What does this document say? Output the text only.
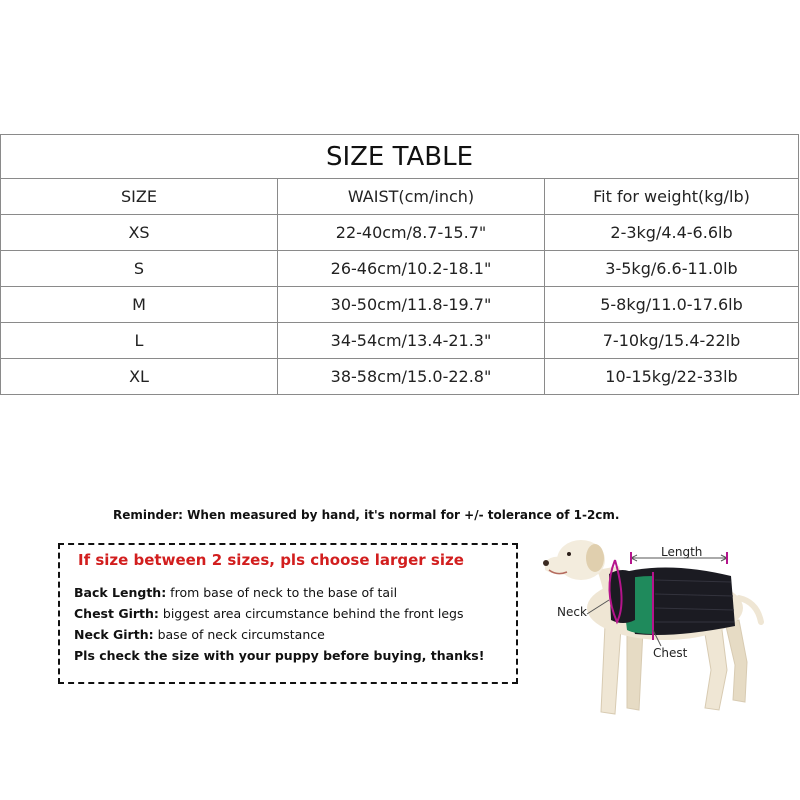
SIZE TABLE		
SIZE	WAIST(cm/inch)	Fit for weight(kg/lb)
XS	22-40cm/8.7-15.7"	2-3kg/4.4-6.6lb
S	26-46cm/10.2-18.1"	3-5kg/6.6-11.0lb
M	30-50cm/11.8-19.7"	5-8kg/11.0-17.6lb
L	34-54cm/13.4-21.3"	7-10kg/15.4-22lb
XL	38-58cm/15.0-22.8"	10-15kg/22-33lb
Reminder: When measured by hand, it's normal for +/- tolerance of 1-2cm.
If size between 2 sizes, pls choose larger size
Back Length: from base of neck to the base of tail
Chest Girth: biggest area circumstance behind the front legs
Neck Girth: base of neck circumstance
Pls check the size with your puppy before buying, thanks!
Length
Neck
Chest
